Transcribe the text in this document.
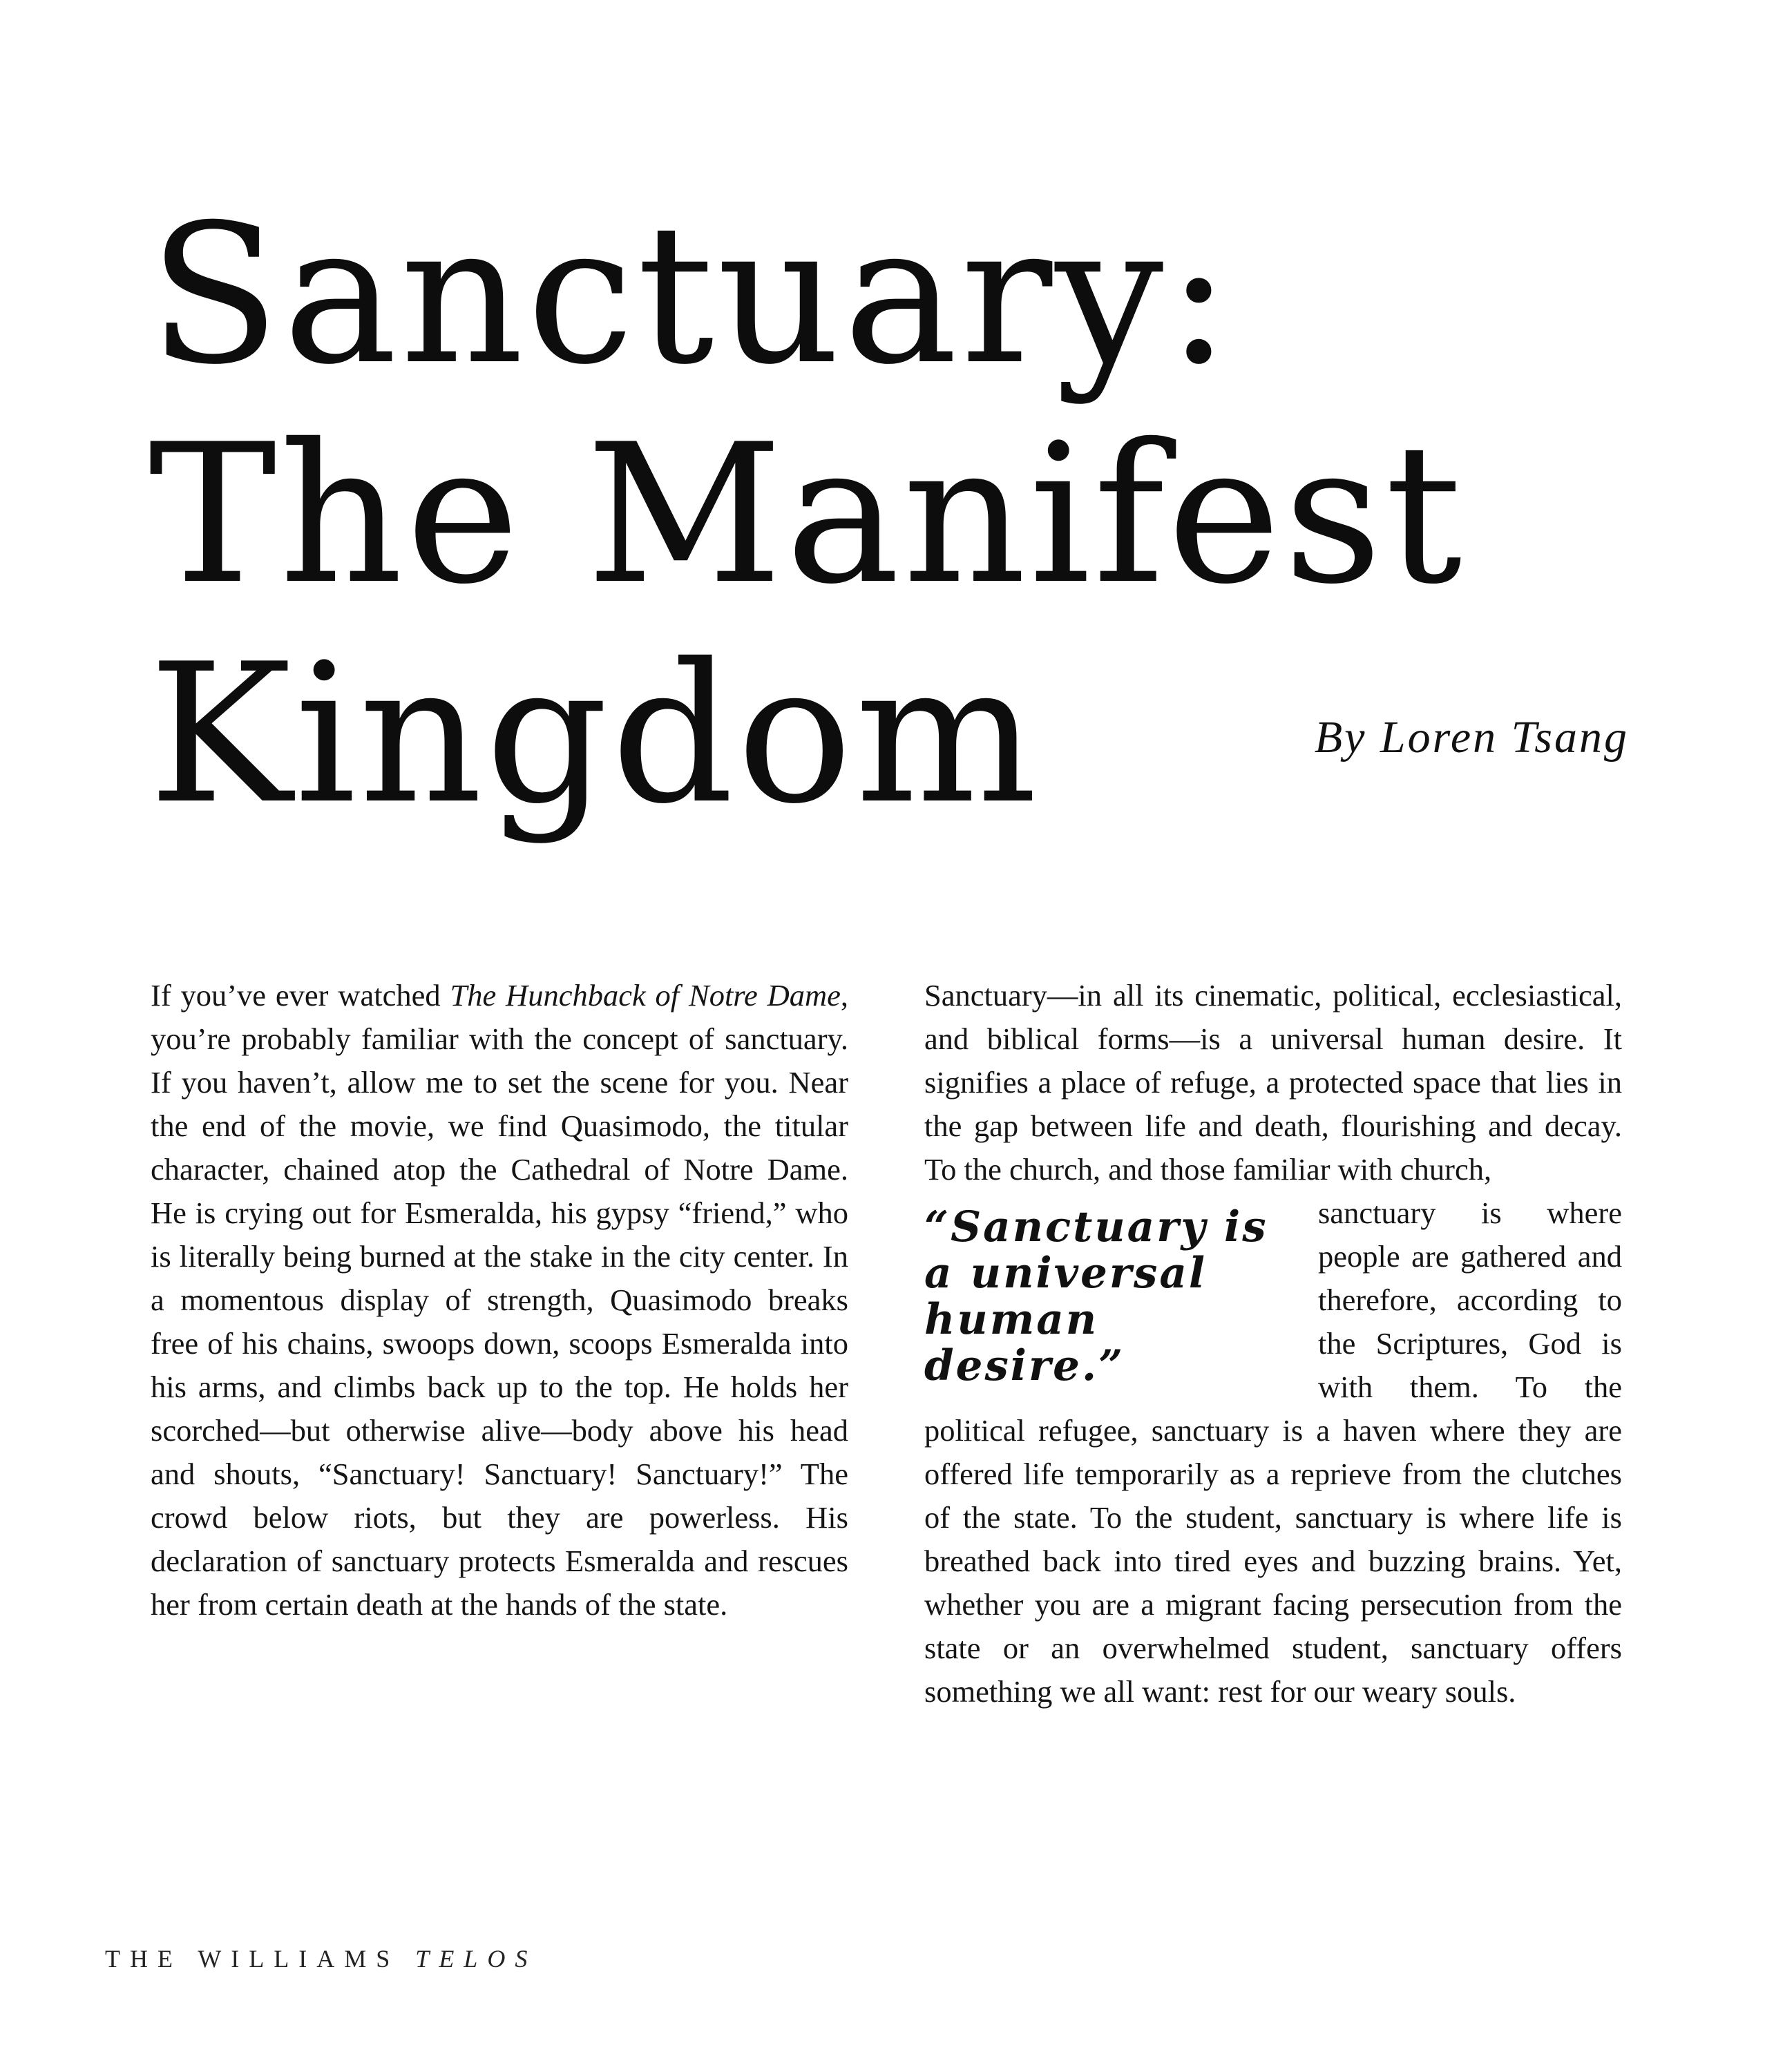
Sanctuary:
The Manifest
Kingdom	By Loren Tsang

If you’ve ever watched The Hunchback of Notre Dame, you’re probably familiar with the concept of sanctuary. If you haven’t, allow me to set the scene for you. Near the end of the movie, we find Quasimodo, the titular character, chained atop the Cathedral of Notre Dame. He is crying out for Esmeralda, his gypsy “friend,” who is literally being burned at the stake in the city center. In a momentous display of strength, Quasimodo breaks free of his chains, swoops down, scoops Esmeralda into his arms, and climbs back up to the top. He holds her scorched—but otherwise alive—body above his head and shouts, “Sanctuary! Sanctuary! Sanctuary!” The crowd below riots, but they are powerless. His declaration of sanctuary protects Esmeralda and rescues her from certain death at the hands of the state.

Sanctuary—in all its cinematic, political, ecclesiastical, and biblical forms—is a universal human desire. It signifies a place of refuge, a protected space that lies in the gap between life and death, flourishing and decay. To the church, and those familiar with church,

“Sanctuary is a universal human desire.”
sanctuary is where people are gathered and therefore, according to the Scriptures, God is with them. To the political refugee, sanctuary is a haven where they are offered life temporarily as a reprieve from the clutches of the state. To the student, sanctuary is where life is breathed back into tired eyes and buzzing brains. Yet, whether you are a migrant facing persecution from the state or an overwhelmed student, sanctuary offers something we all want: rest for our weary souls.

THE WILLIAMS TELOS
